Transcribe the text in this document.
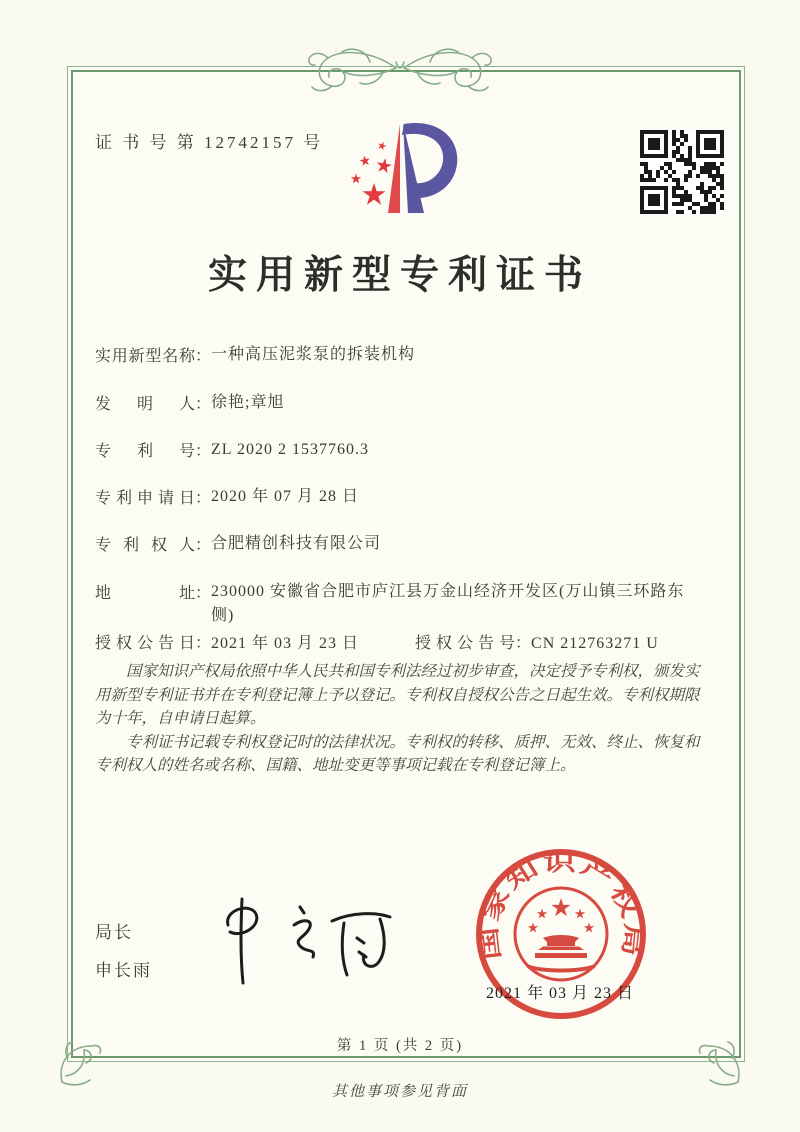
证 书 号 第 12742157 号
实用新型专利证书
实用新型名称：一种高压泥浆泵的拆装机构
发明人：徐艳;章旭
专利号：ZL 2020 2 1537760.3
专利申请日：2020 年 07 月 28 日
专利权人：合肥精创科技有限公司
地址：230000 安徽省合肥市庐江县万金山经济开发区(万山镇三环路东侧)
授权公告日：2021 年 03 月 23 日	授权公告号：CN 212763271 U

国家知识产权局依照中华人民共和国专利法经过初步审查，决定授予专利权，颁发实用新型专利证书并在专利登记簿上予以登记。专利权自授权公告之日起生效。专利权期限为十年，自申请日起算。

专利证书记载专利权登记时的法律状况。专利权的转移、质押、无效、终止、恢复和专利权人的姓名或名称、国籍、地址变更等事项记载在专利登记簿上。

局长
申长雨
国家知识产权局
2021 年 03 月 23 日
第 1 页 (共 2 页)
其他事项参见背面
